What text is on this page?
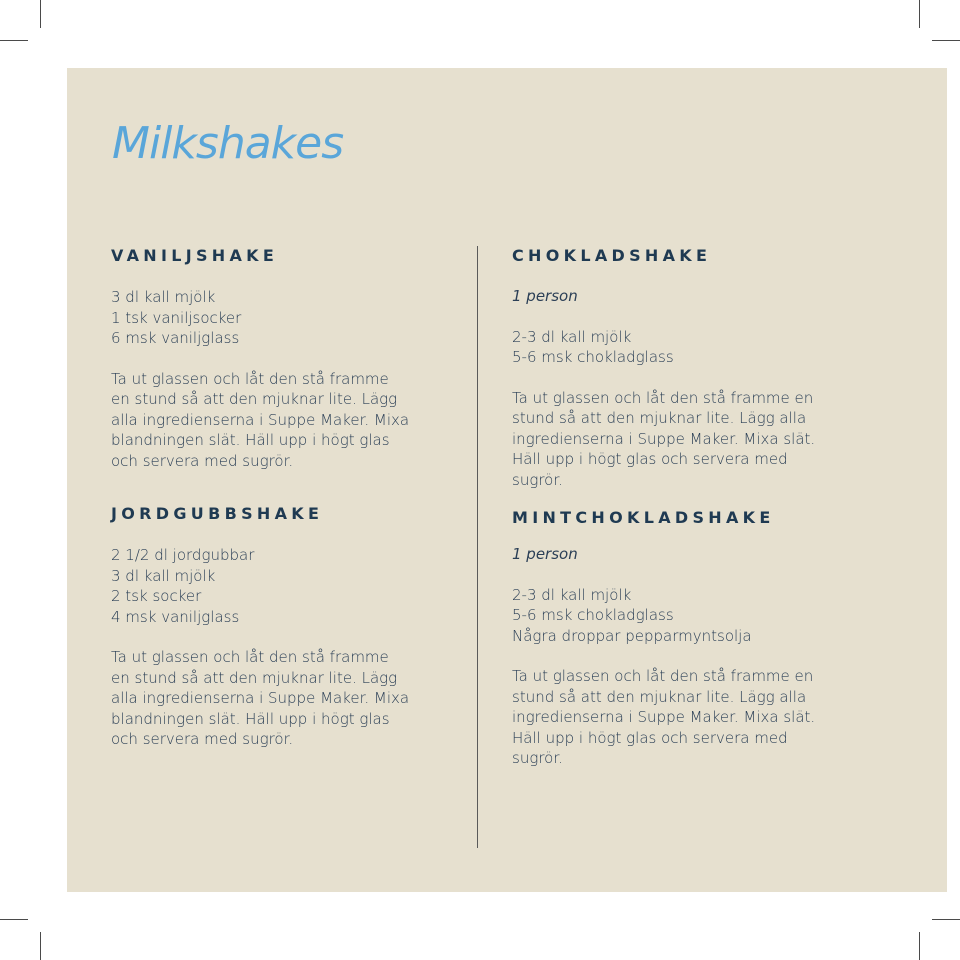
Milkshakes
VANILJSHAKE
3 dl kall mjölk
1 tsk vaniljsocker
6 msk vaniljglass
Ta ut glassen och låt den stå framme
en stund så att den mjuknar lite. Lägg
alla ingredienserna i Suppe Maker. Mixa
blandningen slät. Häll upp i högt glas
och servera med sugrör.
JORDGUBBSHAKE
2 1/2 dl jordgubbar
3 dl kall mjölk
2 tsk socker
4 msk vaniljglass
Ta ut glassen och låt den stå framme
en stund så att den mjuknar lite. Lägg
alla ingredienserna i Suppe Maker. Mixa
blandningen slät. Häll upp i högt glas
och servera med sugrör.
CHOKLADSHAKE
1 person
2-3 dl kall mjölk
5-6 msk chokladglass
Ta ut glassen och låt den stå framme en
stund så att den mjuknar lite. Lägg alla
ingredienserna i Suppe Maker. Mixa slät.
Häll upp i högt glas och servera med
sugrör.
MINTCHOKLADSHAKE
1 person
2-3 dl kall mjölk
5-6 msk chokladglass
Några droppar pepparmyntsolja
Ta ut glassen och låt den stå framme en
stund så att den mjuknar lite. Lägg alla
ingredienserna i Suppe Maker. Mixa slät.
Häll upp i högt glas och servera med
sugrör.
